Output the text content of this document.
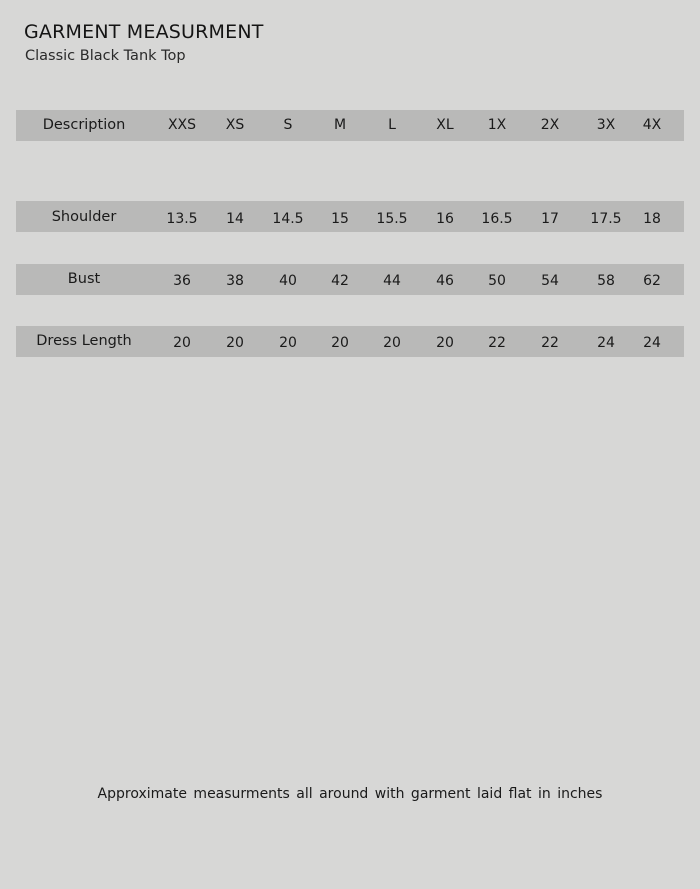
GARMENT MEASURMENT
Classic Black Tank Top
Description	XXS XS	S	M	L	XL 1X 2X	3X 4X
Shoulder	13.5 14 14.5 15 15.5 16 16.5 17 17.5 18
Bust	36	38	40 42 44	46 50	54	58 62
Dress Length	20	20	20 20 20	20 22	22	24 24
Approximate measurments all around with garment laid flat in inches
